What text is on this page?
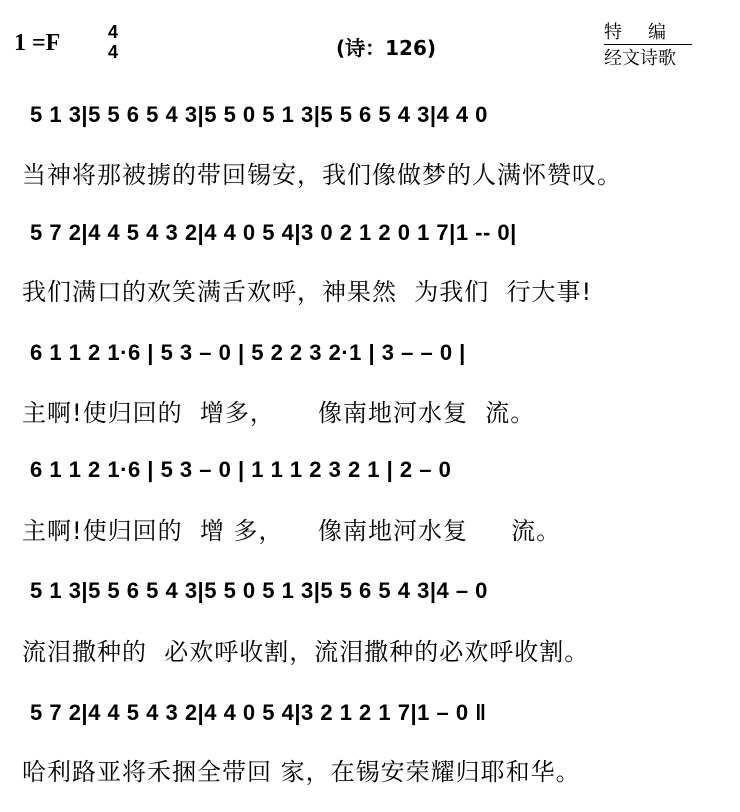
1 =F	4
4	(诗：126)
特编
经文诗歌
5 1 3|5 5 6 5 4 3|5 5 0 5 1 3|5 5 6 5 4 3|4 4 0
当神将那被掳的带回锡安，我们像做梦的人满怀赞叹。
5 7 2|4 4 5 4 3 2|4 4 0 5 4|3 0 2 1 2 0 1 7|1 -- 0|
我们满口的欢笑满舌欢呼，神果然  为我们  行大事!
6 1 1 2 1·6 | 5 3 – 0 | 5 2 2 3 2·1 | 3 – – 0 |
主啊!使归回的  增多，     像南地河水复  流。
6 1 1 2 1·6 | 5 3 – 0 | 1 1 1 2 3 2 1 | 2 – 0
主啊!使归回的  增 多，    像南地河水复     流。
5 1 3|5 5 6 5 4 3|5 5 0 5 1 3|5 5 6 5 4 3|4 – 0
流泪撒种的  必欢呼收割，流泪撒种的必欢呼收割。
5 7 2|4 4 5 4 3 2|4 4 0 5 4|3 2 1 2 1 7|1 – 0 ‖
哈利路亚将禾捆全带回 家，在锡安荣耀归耶和华。
